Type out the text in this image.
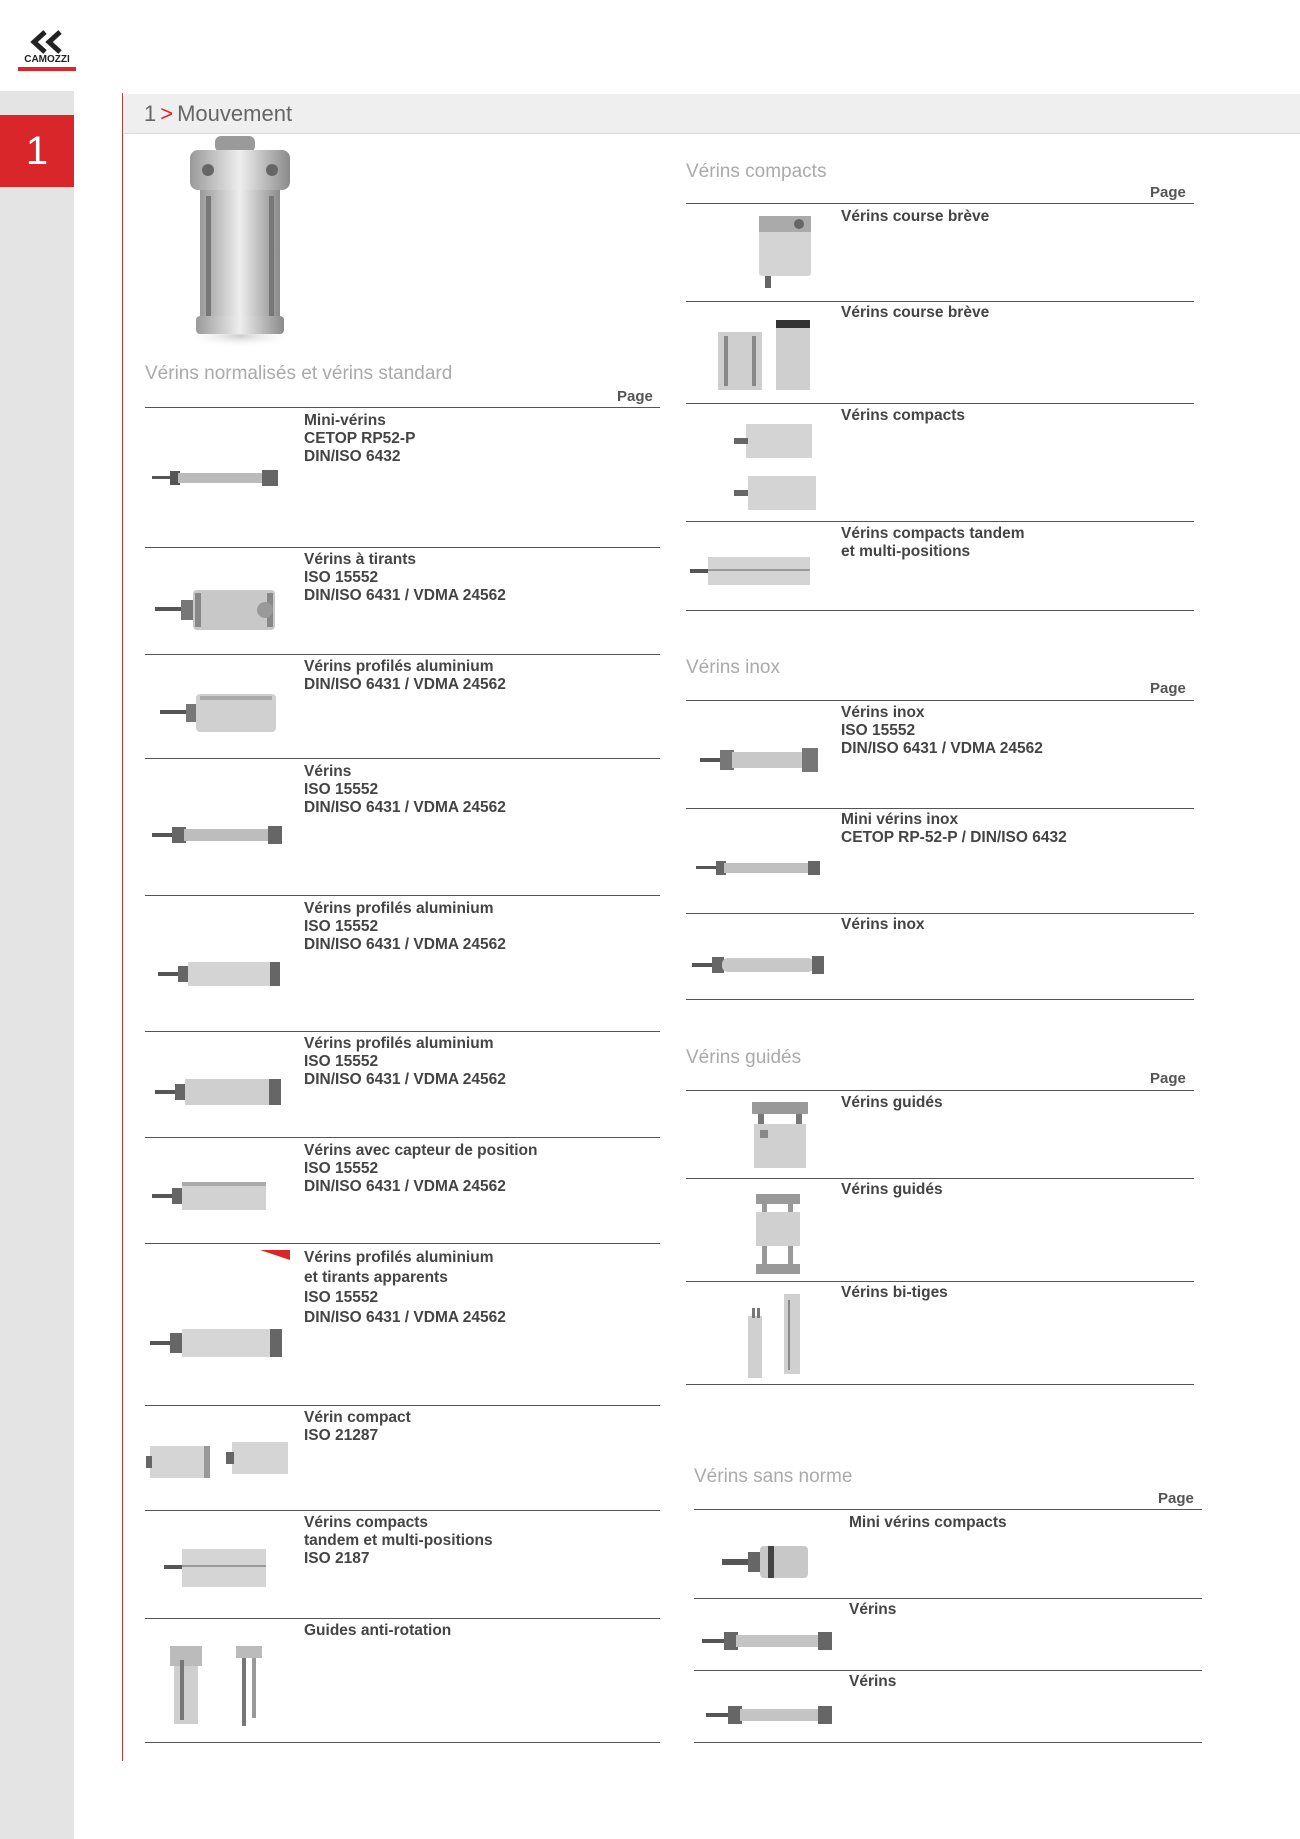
1
CAMOZZI
1 > Mouvement
Vérins normalisés et vérins standard
Page
Mini-vérins
CETOP RP52-P
DIN/ISO 6432
Vérins à tirants
ISO 15552
DIN/ISO 6431 / VDMA 24562
Vérins profilés aluminium
DIN/ISO 6431 / VDMA 24562
Vérins
ISO 15552
DIN/ISO 6431 / VDMA 24562
Vérins profilés aluminium
ISO 15552
DIN/ISO 6431 / VDMA 24562
Vérins profilés aluminium
ISO 15552
DIN/ISO 6431 / VDMA 24562
Vérins avec capteur de position
ISO 15552
DIN/ISO 6431 / VDMA 24562
Vérins profilés aluminium
et tirants apparents
ISO 15552
DIN/ISO 6431 / VDMA 24562
Vérin compact
ISO 21287
Vérins compacts
tandem et multi-positions
ISO 2187
Guides anti-rotation
Vérins compacts
Page
Vérins course brève
Vérins course brève
Vérins compacts
Vérins compacts tandem
et multi-positions
Vérins inox
Page
Vérins inox
ISO 15552
DIN/ISO 6431 / VDMA 24562
Mini vérins inox
CETOP RP-52-P / DIN/ISO 6432
Vérins inox
Vérins guidés
Page
Vérins guidés
Vérins guidés
Vérins bi-tiges
Vérins sans norme
Page
Mini vérins compacts
Vérins
Vérins
